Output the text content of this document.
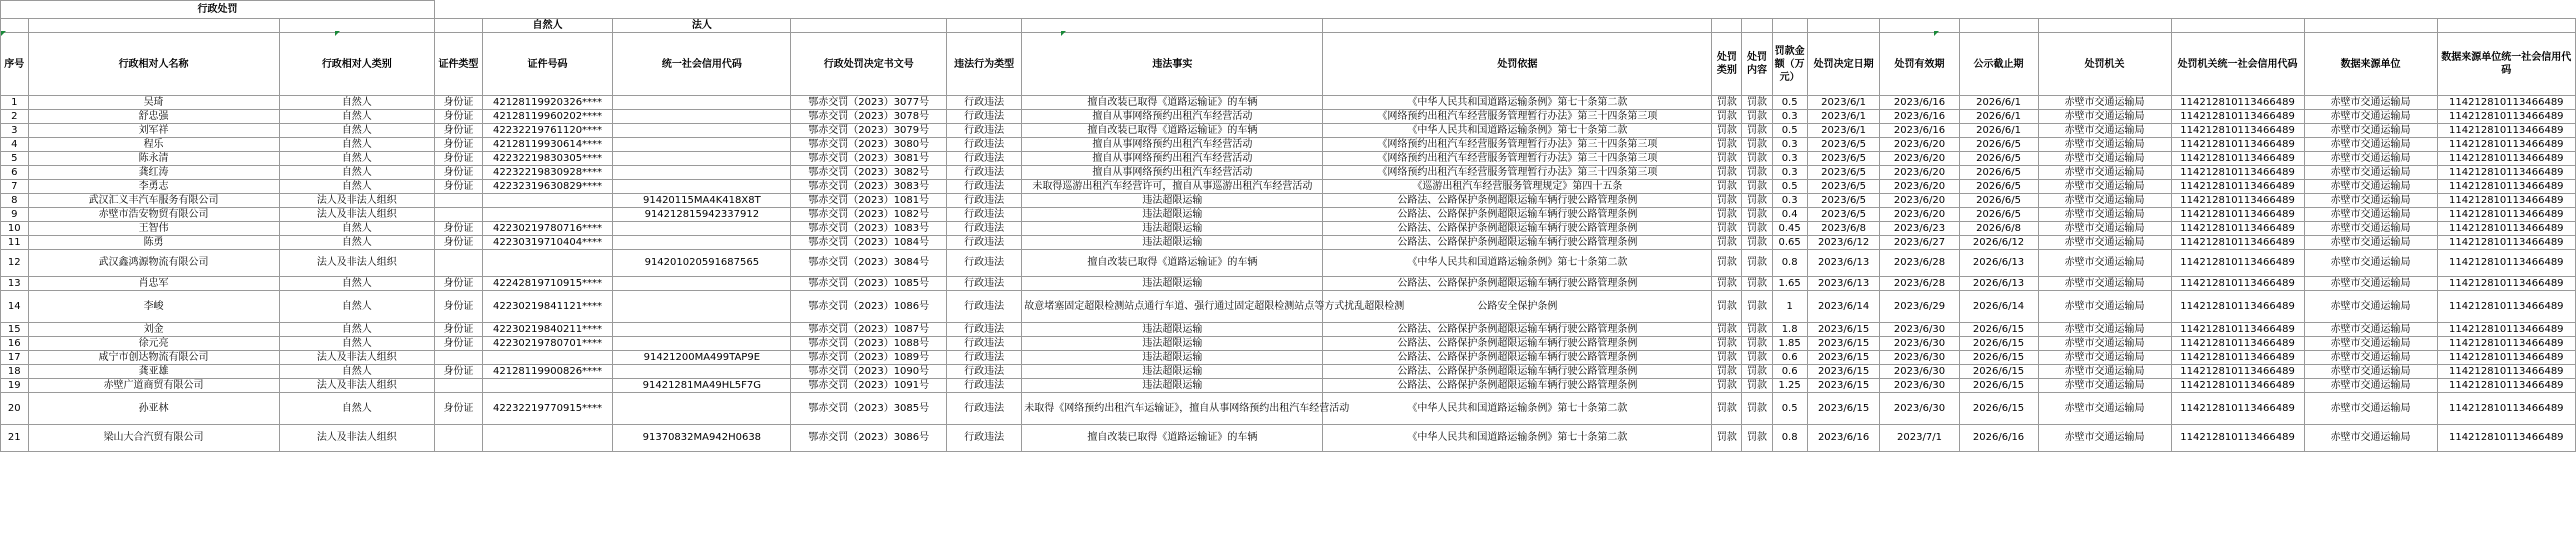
行政处罚																			
				自然人	法人														
序号	行政相对人名称	行政相对人类别	证件类型	证件号码	统一社会信用代码	行政处罚决定书文号	违法行为类型	违法事实	处罚依据	处罚类别	处罚内容	罚款金额（万元）	处罚决定日期	处罚有效期	公示截止期	处罚机关	处罚机关统一社会信用代码	数据来源单位	数据来源单位统一社会信用代码
1	吴琦	自然人	身份证	42128119920326****		鄂赤交罚（2023）3077号	行政违法	擅自改装已取得《道路运输证》的车辆	《中华人民共和国道路运输条例》第七十条第二款	罚款	罚款	0.5	2023/6/1	2023/6/16	2026/6/1	赤壁市交通运输局	114212810113466489	赤壁市交通运输局	114212810113466489
2	舒忠强	自然人	身份证	42128119960202****		鄂赤交罚（2023）3078号	行政违法	擅自从事网络预约出租汽车经营活动	《网络预约出租汽车经营服务管理暂行办法》第三十四条第三项	罚款	罚款	0.3	2023/6/1	2023/6/16	2026/6/1	赤壁市交通运输局	114212810113466489	赤壁市交通运输局	114212810113466489
3	刘军祥	自然人	身份证	42232219761120****		鄂赤交罚（2023）3079号	行政违法	擅自改装已取得《道路运输证》的车辆	《中华人民共和国道路运输条例》第七十条第二款	罚款	罚款	0.5	2023/6/1	2023/6/16	2026/6/1	赤壁市交通运输局	114212810113466489	赤壁市交通运输局	114212810113466489
4	程乐	自然人	身份证	42128119930614****		鄂赤交罚（2023）3080号	行政违法	擅自从事网络预约出租汽车经营活动	《网络预约出租汽车经营服务管理暂行办法》第三十四条第三项	罚款	罚款	0.3	2023/6/5	2023/6/20	2026/6/5	赤壁市交通运输局	114212810113466489	赤壁市交通运输局	114212810113466489
5	陈永清	自然人	身份证	42232219830305****		鄂赤交罚（2023）3081号	行政违法	擅自从事网络预约出租汽车经营活动	《网络预约出租汽车经营服务管理暂行办法》第三十四条第三项	罚款	罚款	0.3	2023/6/5	2023/6/20	2026/6/5	赤壁市交通运输局	114212810113466489	赤壁市交通运输局	114212810113466489
6	龚红涛	自然人	身份证	42232219830928****		鄂赤交罚（2023）3082号	行政违法	擅自从事网络预约出租汽车经营活动	《网络预约出租汽车经营服务管理暂行办法》第三十四条第三项	罚款	罚款	0.3	2023/6/5	2023/6/20	2026/6/5	赤壁市交通运输局	114212810113466489	赤壁市交通运输局	114212810113466489
7	李勇志	自然人	身份证	42232319630829****		鄂赤交罚（2023）3083号	行政违法	未取得巡游出租汽车经营许可，擅自从事巡游出租汽车经营活动	《巡游出租汽车经营服务管理规定》第四十五条	罚款	罚款	0.5	2023/6/5	2023/6/20	2026/6/5	赤壁市交通运输局	114212810113466489	赤壁市交通运输局	114212810113466489
8	武汉汇义丰汽车服务有限公司	法人及非法人组织			91420115MA4K418X8T	鄂赤交罚（2023）1081号	行政违法	违法超限运输	公路法、公路保护条例超限运输车辆行驶公路管理条例	罚款	罚款	0.3	2023/6/5	2023/6/20	2026/6/5	赤壁市交通运输局	114212810113466489	赤壁市交通运输局	114212810113466489
9	赤壁市浩安物贸有限公司	法人及非法人组织			914212815942337912	鄂赤交罚（2023）1082号	行政违法	违法超限运输	公路法、公路保护条例超限运输车辆行驶公路管理条例	罚款	罚款	0.4	2023/6/5	2023/6/20	2026/6/5	赤壁市交通运输局	114212810113466489	赤壁市交通运输局	114212810113466489
10	王智伟	自然人	身份证	42230219780716****		鄂赤交罚（2023）1083号	行政违法	违法超限运输	公路法、公路保护条例超限运输车辆行驶公路管理条例	罚款	罚款	0.45	2023/6/8	2023/6/23	2026/6/8	赤壁市交通运输局	114212810113466489	赤壁市交通运输局	114212810113466489
11	陈勇	自然人	身份证	42230319710404****		鄂赤交罚（2023）1084号	行政违法	违法超限运输	公路法、公路保护条例超限运输车辆行驶公路管理条例	罚款	罚款	0.65	2023/6/12	2023/6/27	2026/6/12	赤壁市交通运输局	114212810113466489	赤壁市交通运输局	114212810113466489
12	武汉鑫鸿源物流有限公司	法人及非法人组织			914201020591687565	鄂赤交罚（2023）3084号	行政违法	擅自改装已取得《道路运输证》的车辆	《中华人民共和国道路运输条例》第七十条第二款	罚款	罚款	0.8	2023/6/13	2023/6/28	2026/6/13	赤壁市交通运输局	114212810113466489	赤壁市交通运输局	114212810113466489
13	肖忠军	自然人	身份证	42242819710915****		鄂赤交罚（2023）1085号	行政违法	违法超限运输	公路法、公路保护条例超限运输车辆行驶公路管理条例	罚款	罚款	1.65	2023/6/13	2023/6/28	2026/6/13	赤壁市交通运输局	114212810113466489	赤壁市交通运输局	114212810113466489
14	李峻	自然人	身份证	42230219841121****		鄂赤交罚（2023）1086号	行政违法	故意堵塞固定超限检测站点通行车道、强行通过固定超限检测站点等方式扰乱超限检测	公路安全保护条例	罚款	罚款	1	2023/6/14	2023/6/29	2026/6/14	赤壁市交通运输局	114212810113466489	赤壁市交通运输局	114212810113466489
15	刘金	自然人	身份证	42230219840211****		鄂赤交罚（2023）1087号	行政违法	违法超限运输	公路法、公路保护条例超限运输车辆行驶公路管理条例	罚款	罚款	1.8	2023/6/15	2023/6/30	2026/6/15	赤壁市交通运输局	114212810113466489	赤壁市交通运输局	114212810113466489
16	徐元亮	自然人	身份证	42230219780701****		鄂赤交罚（2023）1088号	行政违法	违法超限运输	公路法、公路保护条例超限运输车辆行驶公路管理条例	罚款	罚款	1.85	2023/6/15	2023/6/30	2026/6/15	赤壁市交通运输局	114212810113466489	赤壁市交通运输局	114212810113466489
17	咸宁市创达物流有限公司	法人及非法人组织			91421200MA499TAP9E	鄂赤交罚（2023）1089号	行政违法	违法超限运输	公路法、公路保护条例超限运输车辆行驶公路管理条例	罚款	罚款	0.6	2023/6/15	2023/6/30	2026/6/15	赤壁市交通运输局	114212810113466489	赤壁市交通运输局	114212810113466489
18	龚亚雄	自然人	身份证	42128119900826****		鄂赤交罚（2023）1090号	行政违法	违法超限运输	公路法、公路保护条例超限运输车辆行驶公路管理条例	罚款	罚款	0.6	2023/6/15	2023/6/30	2026/6/15	赤壁市交通运输局	114212810113466489	赤壁市交通运输局	114212810113466489
19	赤壁广道商贸有限公司	法人及非法人组织			91421281MA49HL5F7G	鄂赤交罚（2023）1091号	行政违法	违法超限运输	公路法、公路保护条例超限运输车辆行驶公路管理条例	罚款	罚款	1.25	2023/6/15	2023/6/30	2026/6/15	赤壁市交通运输局	114212810113466489	赤壁市交通运输局	114212810113466489
20	孙亚林	自然人	身份证	42232219770915****		鄂赤交罚（2023）3085号	行政违法	未取得《网络预约出租汽车运输证》，擅自从事网络预约出租汽车经营活动	《中华人民共和国道路运输条例》第七十条第二款	罚款	罚款	0.5	2023/6/15	2023/6/30	2026/6/15	赤壁市交通运输局	114212810113466489	赤壁市交通运输局	114212810113466489
21	梁山大合汽贸有限公司	法人及非法人组织			91370832MA942H0638	鄂赤交罚（2023）3086号	行政违法	擅自改装已取得《道路运输证》的车辆	《中华人民共和国道路运输条例》第七十条第二款	罚款	罚款	0.8	2023/6/16	2023/7/1	2026/6/16	赤壁市交通运输局	114212810113466489	赤壁市交通运输局	114212810113466489
